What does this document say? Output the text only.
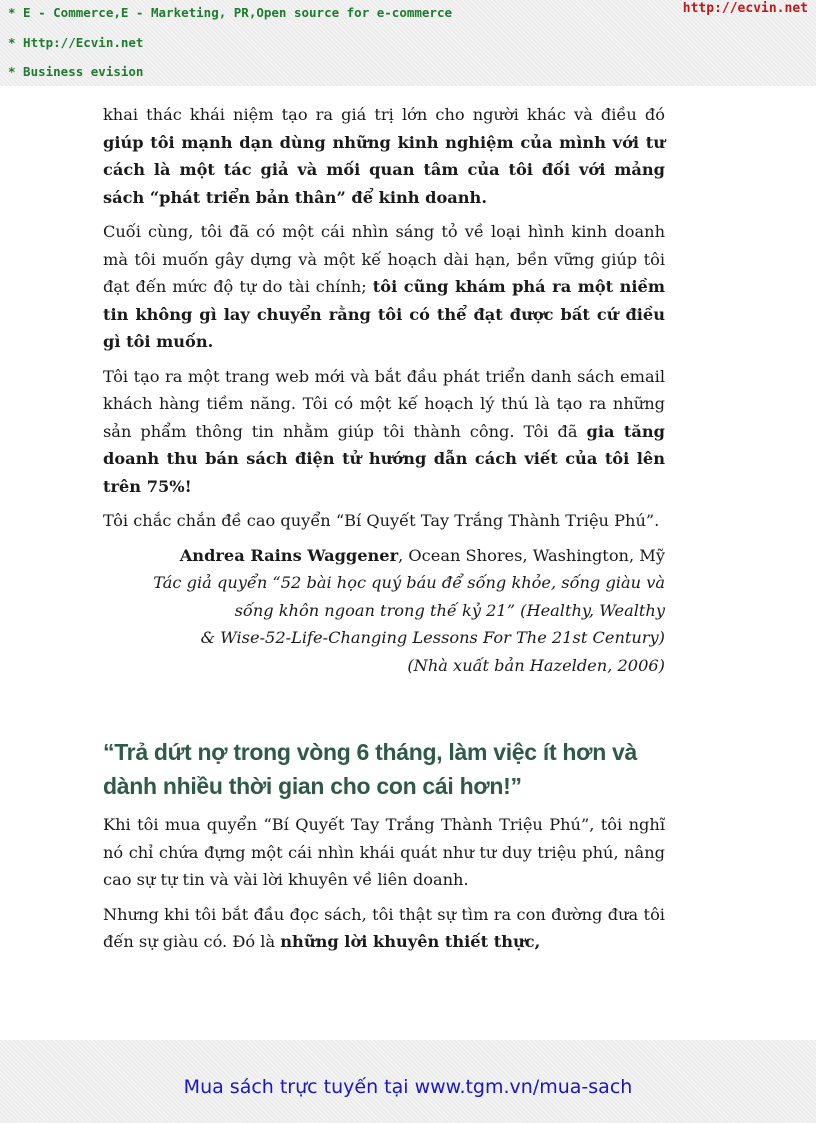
* E - Commerce,E - Marketing, PR,Open source for e-commerce

* Http://Ecvin.net

* Business evision

http://ecvin.net

khai thác khái niệm tạo ra giá trị lớn cho người khác và điều đó giúp tôi mạnh dạn dùng những kinh nghiệm của mình với tư cách là một tác giả và mối quan tâm của tôi đối với mảng sách “phát triển bản thân” để kinh doanh.

Cuối cùng, tôi đã có một cái nhìn sáng tỏ về loại hình kinh doanh mà tôi muốn gây dựng và một kế hoạch dài hạn, bền vững giúp tôi đạt đến mức độ tự do tài chính; tôi cũng khám phá ra một niềm tin không gì lay chuyển rằng tôi có thể đạt được bất cứ điều gì tôi muốn.

Tôi tạo ra một trang web mới và bắt đầu phát triển danh sách email khách hàng tiềm năng. Tôi có một kế hoạch lý thú là tạo ra những sản phẩm thông tin nhằm giúp tôi thành công. Tôi đã gia tăng doanh thu bán sách điện tử hướng dẫn cách viết của tôi lên trên 75%!

Tôi chắc chắn đề cao quyển “Bí Quyết Tay Trắng Thành Triệu Phú”.

Andrea Rains Waggener, Ocean Shores, Washington, Mỹ

Tác giả quyển “52 bài học quý báu để sống khỏe, sống giàu và

sống khôn ngoan trong thế kỷ 21” (Healthy, Wealthy

& Wise-52-Life-Changing Lessons For The 21st Century)

(Nhà xuất bản Hazelden, 2006)

“Trả dứt nợ trong vòng 6 tháng, làm việc ít hơn và dành nhiều thời gian cho con cái hơn!”

Khi tôi mua quyển “Bí Quyết Tay Trắng Thành Triệu Phú”, tôi nghĩ nó chỉ chứa đựng một cái nhìn khái quát như tư duy triệu phú, nâng cao sự tự tin và vài lời khuyên về liên doanh.

Nhưng khi tôi bắt đầu đọc sách, tôi thật sự tìm ra con đường đưa tôi đến sự giàu có. Đó là những lời khuyên thiết thực,

Mua sách trực tuyến tại www.tgm.vn/mua-sach
